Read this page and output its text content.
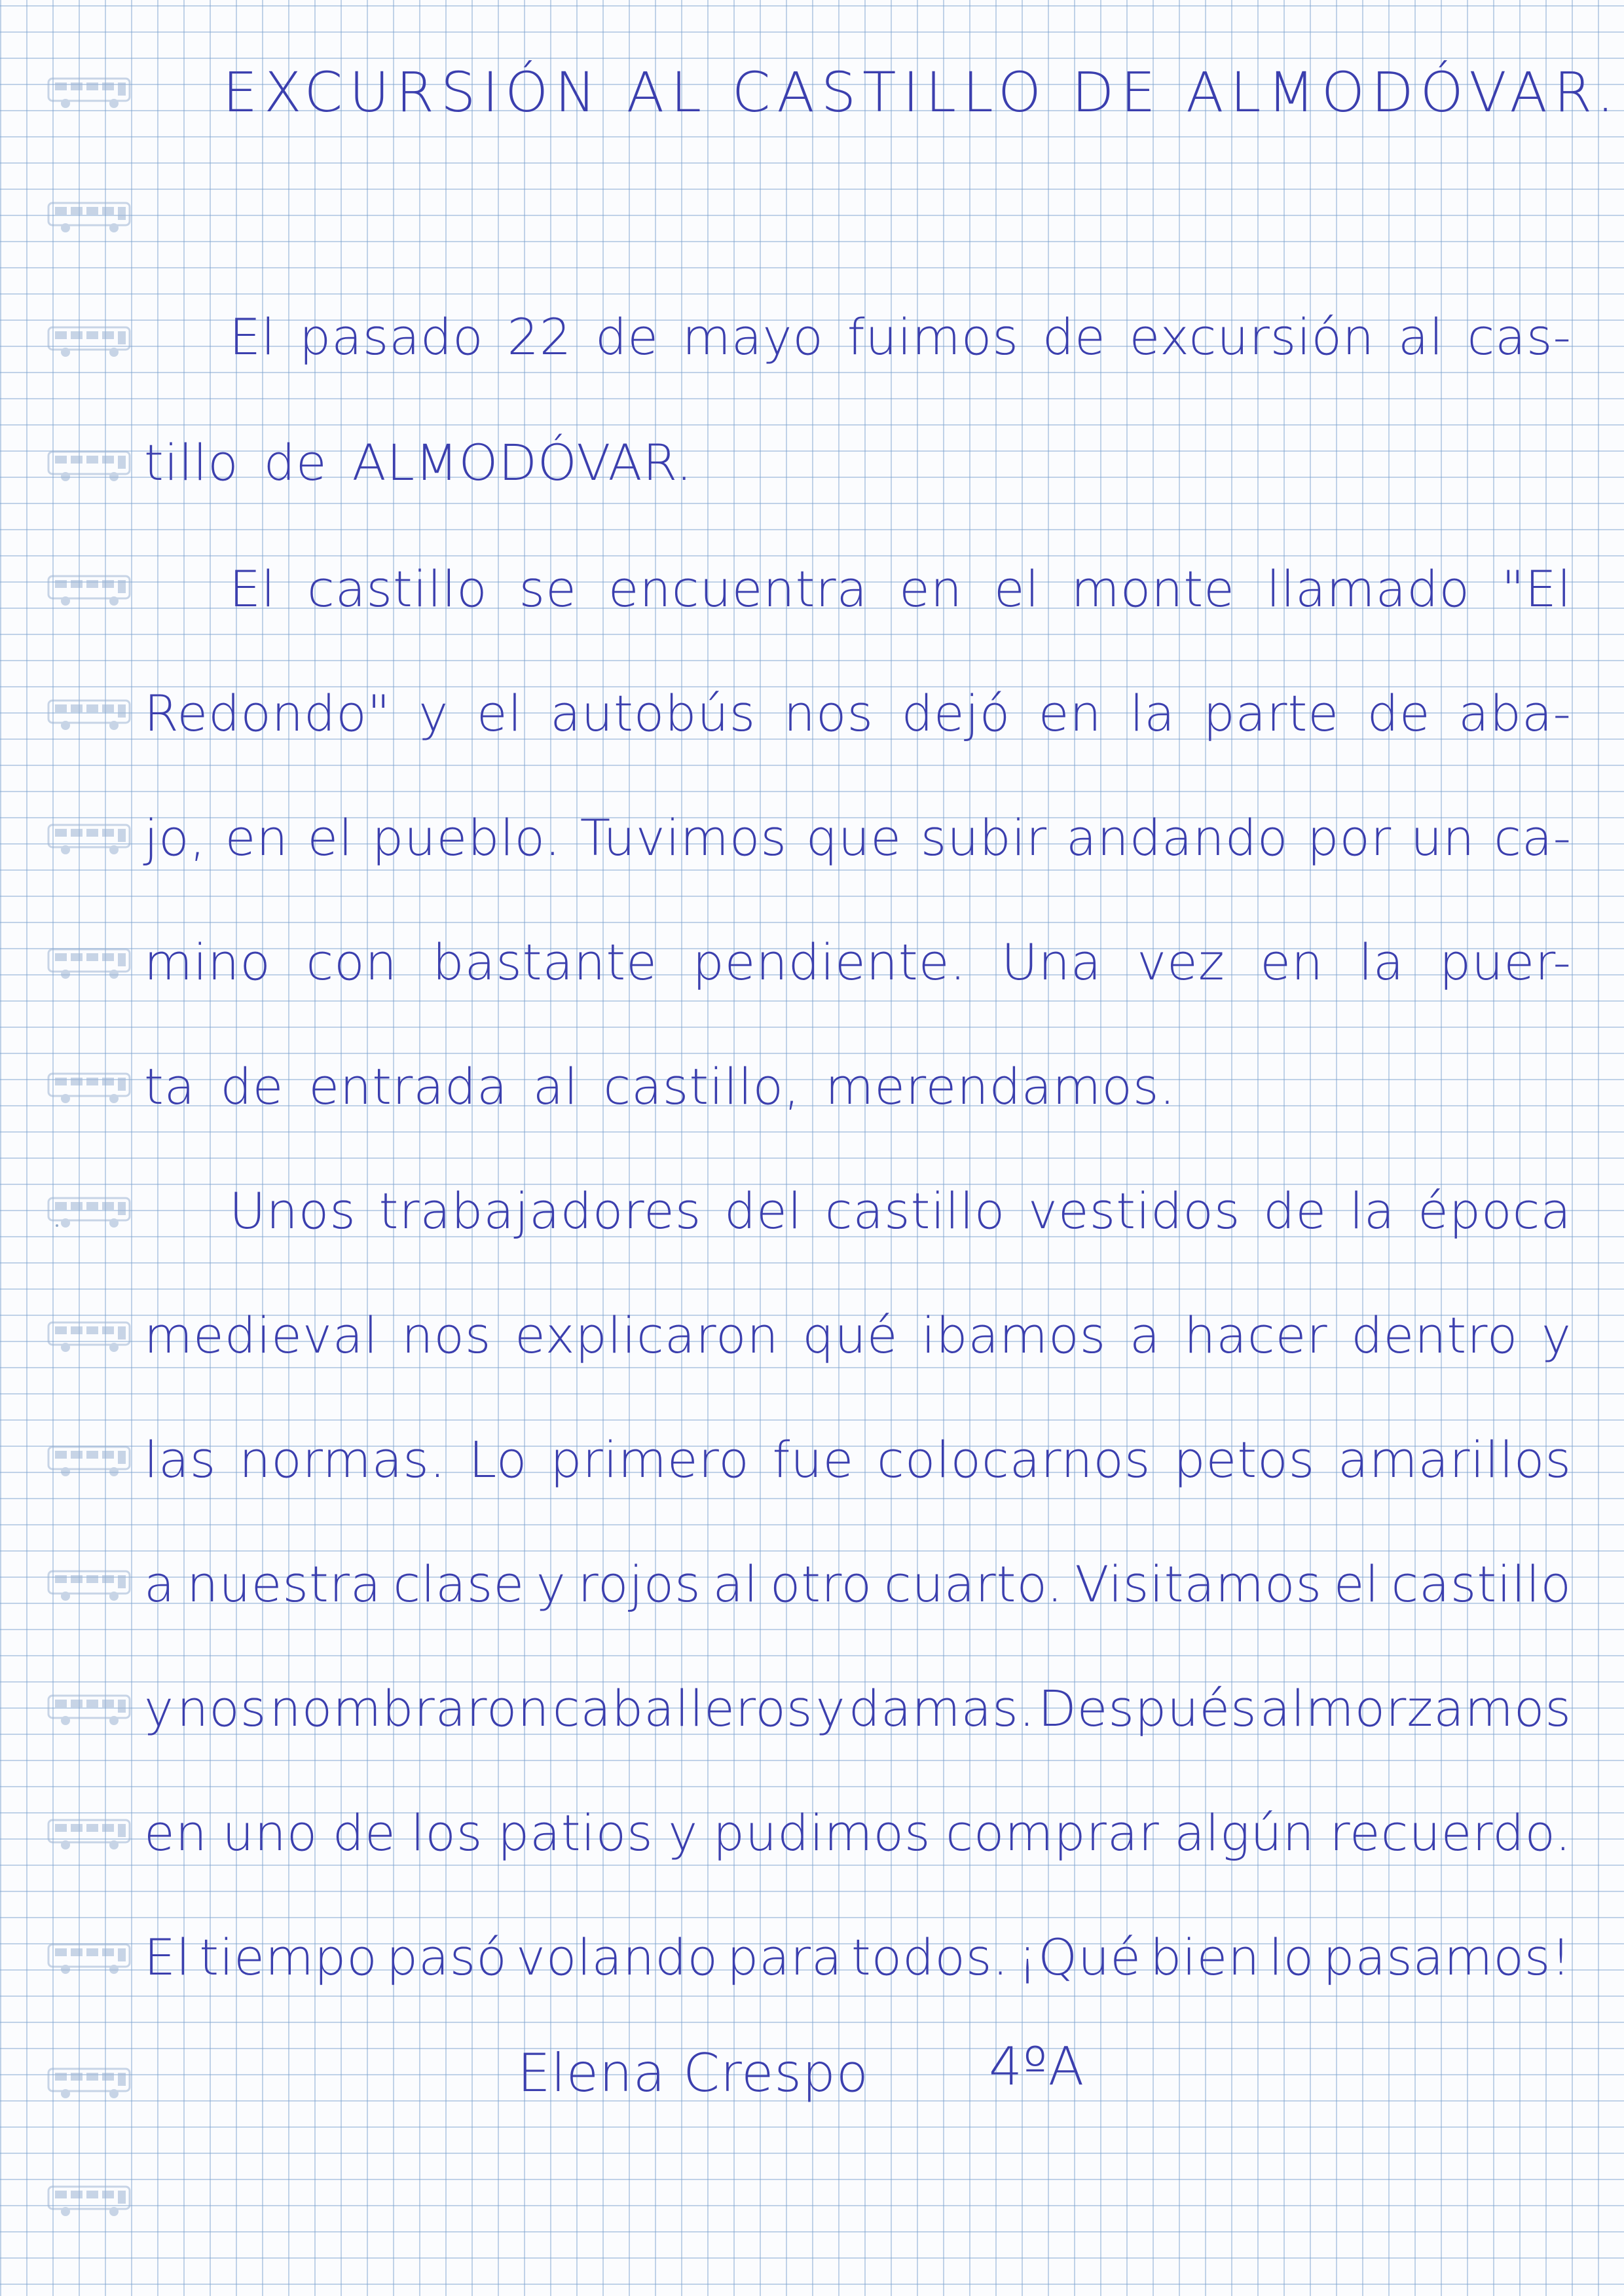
EXCURSIÓN AL CASTILLO DE ALMODÓVAR.
El pasado 22 de mayo fuimos de excursión al cas-
tillo de ALMODÓVAR.
El castillo se encuentra en el monte llamado "El
Redondo" y el autobús nos dejó en la parte de aba-
jo, en el pueblo. Tuvimos que subir andando por un ca-
mino con bastante pendiente. Una vez en la puer-
ta de entrada al castillo, merendamos.
Unos trabajadores del castillo vestidos de la época
medieval nos explicaron qué ibamos a hacer dentro y
las normas. Lo primero fue colocarnos petos amarillos
a nuestra clase y rojos al otro cuarto. Visitamos el castillo
y nos nombraron caballeros y damas. Después almorzamos
en uno de los patios y pudimos comprar algún recuerdo.
El tiempo pasó volando para todos. ¡Qué bien lo pasamos!
Elena Crespo 4ºA
